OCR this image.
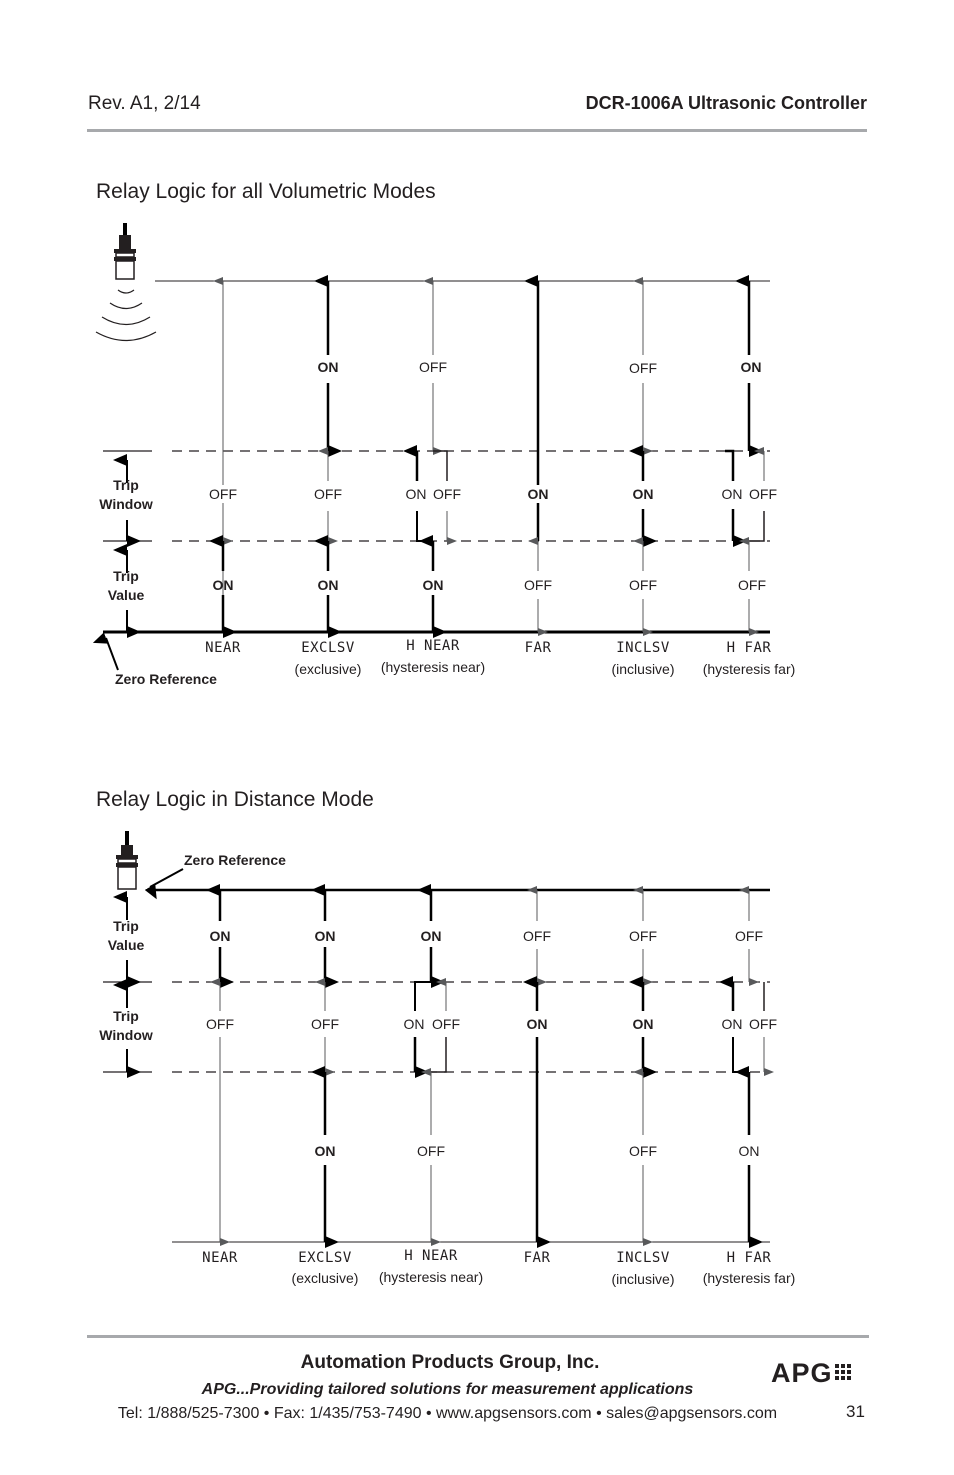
Rev. A1, 2/14	DCR-1006A Ultrasonic Controller
Relay Logic for all Volumetric Modes
Trip
Window
Trip
Value
Zero Reference
OFF
ON
ON
OFF
ON
OFF
ON OFF
ON
ON
OFF
OFF
ON
OFF
ON
ON OFF
OFF
NEAR	EXCLSV
(exclusive)
H NEAR
(hysteresis near)
FAR	INCLSV
(inclusive)
H FAR
(hysteresis far)
Relay Logic in Distance Mode
Zero Reference
Trip
Value
Trip
Window
ON
OFF
ON
OFF
ON
ON
ON OFF
OFF
OFF
ON
OFF
ON
OFF
OFF
ON OFF
ON
NEAR	EXCLSV
(exclusive)
H NEAR
(hysteresis near)
FAR	INCLSV
(inclusive)
H FAR
(hysteresis far)
Automation Products Group, Inc.
APG...Providing tailored solutions for measurement applications
Tel: 1/888/525-7300 • Fax: 1/435/753-7490 • www.apgsensors.com • sales@apgsensors.com
APG
31
